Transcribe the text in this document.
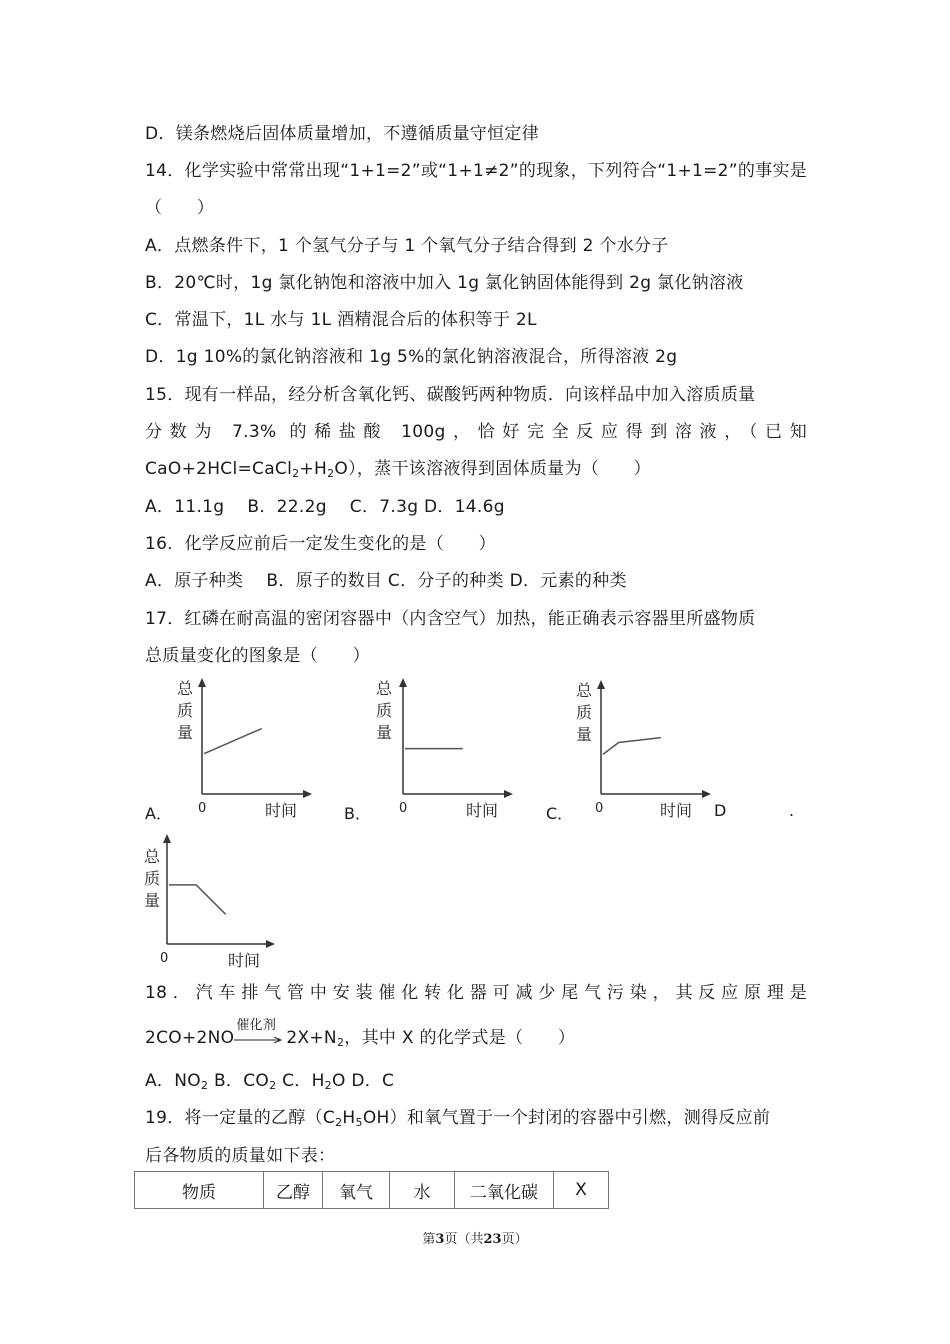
D．镁条燃烧后固体质量增加，不遵循质量守恒定律
14．化学实验中常常出现“1+1=2”或“1+1≠2”的现象，下列符合“1+1=2”的事实是
（　　）
A．点燃条件下，1 个氢气分子与 1 个氧气分子结合得到 2 个水分子
B．20℃时，1g 氯化钠饱和溶液中加入 1g 氯化钠固体能得到 2g 氯化钠溶液
C．常温下，1L 水与 1L 酒精混合后的体积等于 2L
D．1g 10%的氯化钠溶液和 1g 5%的氯化钠溶液混合，所得溶液 2g
15．现有一样品，经分析含氧化钙、碳酸钙两种物质．向该样品中加入溶质质量
分数为 7.3% 的稀盐酸 100g，恰好完全反应得到溶液，（已知
$CaO+2HCl=CaCl_2+H_2O$），蒸干该溶液得到固体质量为（　　）
A．11.1g　 B．22.2g　 C．7.3g D．14.6g
16．化学反应前后一定发生变化的是（　　）
A．原子种类　 B．原子的数目 C．分子的种类 D．元素的种类
17．红磷在耐高温的密闭容器中（内含空气）加热，能正确表示容器里所盛物质
总质量变化的图象是（　　）
A．	B．	C．	D	.
总
质
量
0	时间
总
质
量
0	时间
总
质
量
0	时间
总
质
量
0	时间
18．汽车排气管中安装催化转化器可减少尾气污染，其反应原理是
2CO+2NO
催化剂
$2X+N_2$，其中 X 的化学式是（　　）
A．$NO_2$ B．$CO_2$ C．$H_2O$ D．C
19．将一定量的乙醇$(C_2H_5OH)$和氧气置于一个封闭的容器中引燃，测得反应前
后各物质的质量如下表：
物质	乙醇	氧气	水	二氧化碳	X
第3页（共23页）
